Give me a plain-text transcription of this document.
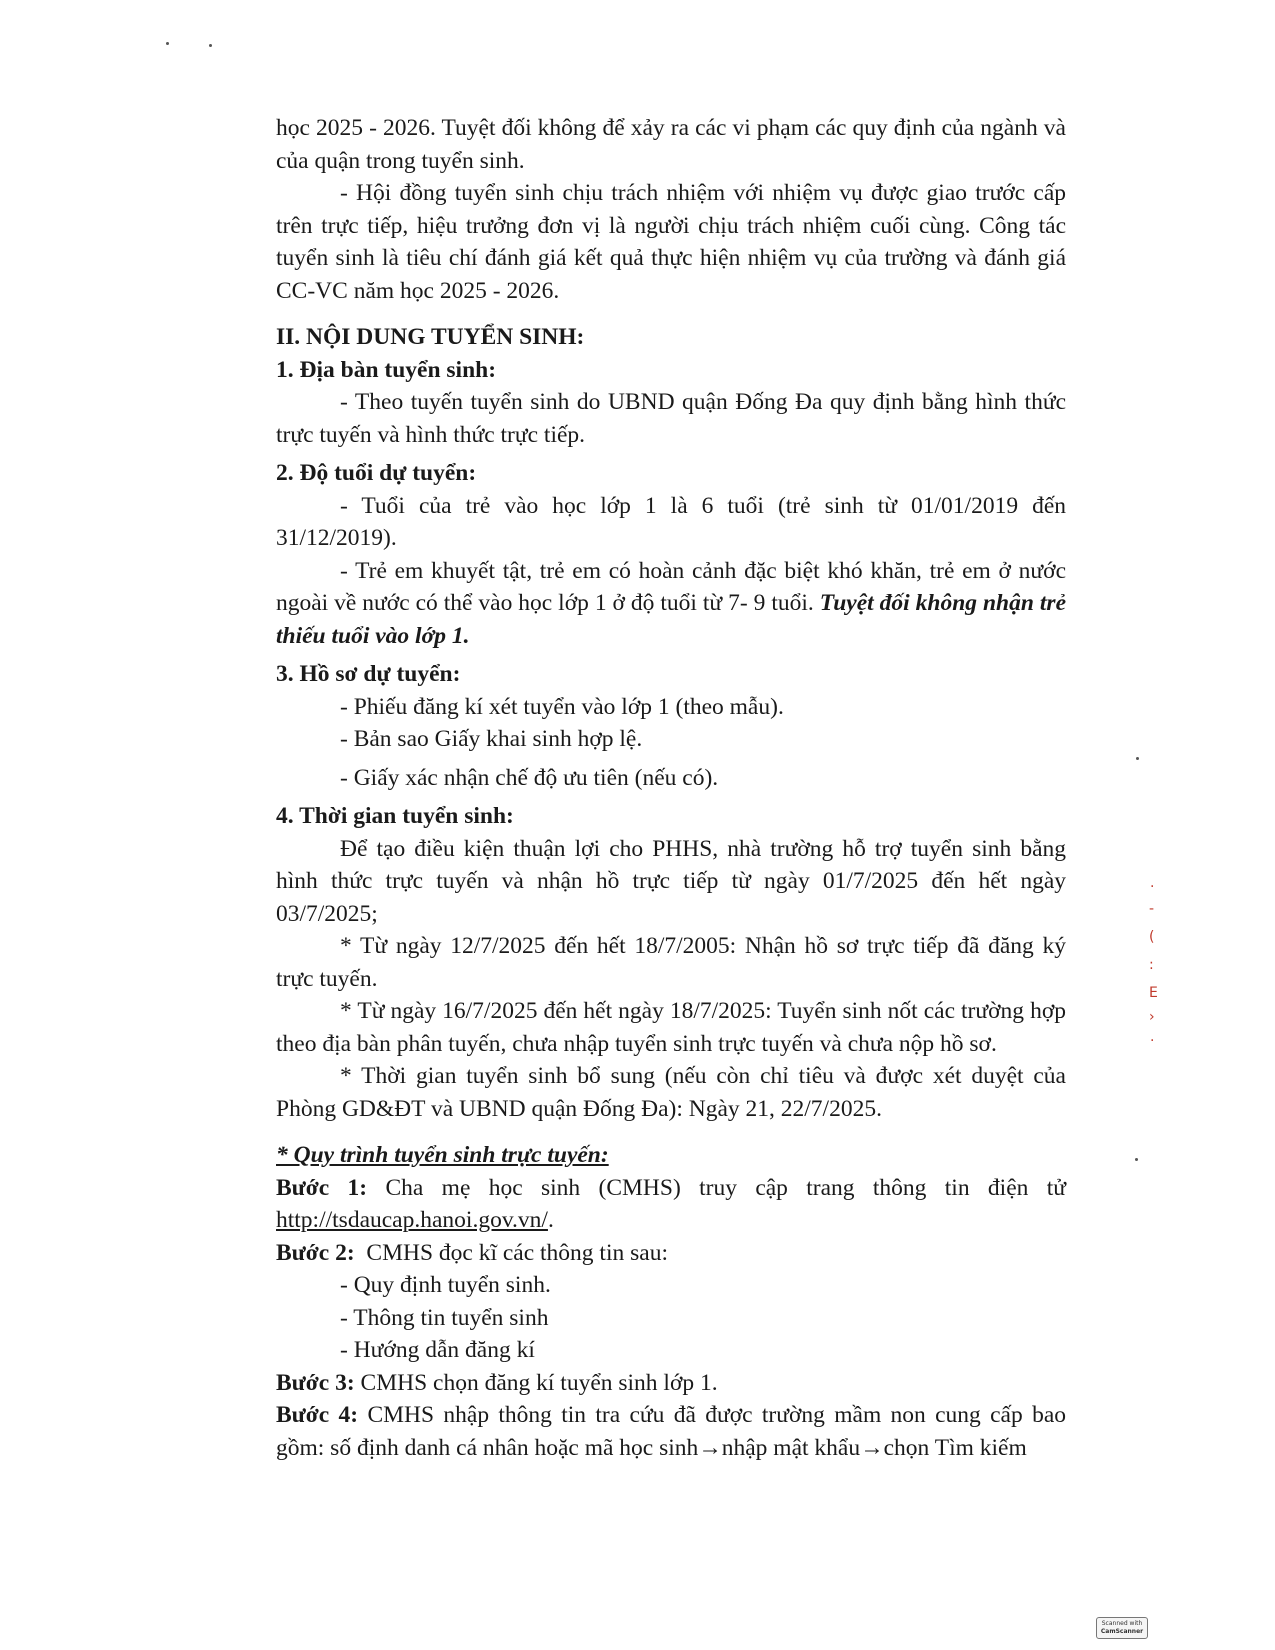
·
-
(
:
E
›
·

học 2025 - 2026. Tuyệt đối không để xảy ra các vi phạm các quy định của ngành và của quận trong tuyển sinh.

- Hội đồng tuyển sinh chịu trách nhiệm với nhiệm vụ được giao trước cấp trên trực tiếp, hiệu trưởng đơn vị là người chịu trách nhiệm cuối cùng. Công tác tuyển sinh là tiêu chí đánh giá kết quả thực hiện nhiệm vụ của trường và đánh giá CC-VC năm học 2025 - 2026.

II. NỘI DUNG TUYỂN SINH:

1. Địa bàn tuyển sinh:

- Theo tuyến tuyển sinh do UBND quận Đống Đa quy định bằng hình thức trực tuyến và hình thức trực tiếp.

2. Độ tuổi dự tuyển:

- Tuổi của trẻ vào học lớp 1 là 6 tuổi (trẻ sinh từ 01/01/2019 đến 31/12/2019).

- Trẻ em khuyết tật, trẻ em có hoàn cảnh đặc biệt khó khăn, trẻ em ở nước ngoài về nước có thể vào học lớp 1 ở độ tuổi từ 7- 9 tuổi. Tuyệt đối không nhận trẻ thiếu tuổi vào lớp 1.

3. Hồ sơ dự tuyển:

- Phiếu đăng kí xét tuyển vào lớp 1 (theo mẫu).

- Bản sao Giấy khai sinh hợp lệ.

- Giấy xác nhận chế độ ưu tiên (nếu có).

4. Thời gian tuyển sinh:

Để tạo điều kiện thuận lợi cho PHHS, nhà trường hỗ trợ tuyển sinh bằng hình thức trực tuyến và nhận hồ trực tiếp từ ngày 01/7/2025 đến hết ngày 03/7/2025;

* Từ ngày 12/7/2025 đến hết 18/7/2005: Nhận hồ sơ trực tiếp đã đăng ký trực tuyến.

* Từ ngày 16/7/2025 đến hết ngày 18/7/2025: Tuyển sinh nốt các trường hợp theo địa bàn phân tuyến, chưa nhập tuyển sinh trực tuyến và chưa nộp hồ sơ.

* Thời gian tuyển sinh bổ sung (nếu còn chỉ tiêu và được xét duyệt của Phòng GD&ĐT và UBND quận Đống Đa): Ngày 21, 22/7/2025.

* Quy trình tuyển sinh trực tuyến:

Bước 1: Cha mẹ học sinh (CMHS) truy cập trang thông tin điện tử http://tsdaucap.hanoi.gov.vn/.

Bước 2:  CMHS đọc kĩ các thông tin sau:

- Quy định tuyển sinh.

- Thông tin tuyển sinh

- Hướng dẫn đăng kí

Bước 3: CMHS chọn đăng kí tuyển sinh lớp 1.

Bước 4: CMHS nhập thông tin tra cứu đã được trường mầm non cung cấp bao gồm: số định danh cá nhân hoặc mã học sinh→nhập mật khẩu→chọn Tìm kiếm

Scanned with
CamScanner
